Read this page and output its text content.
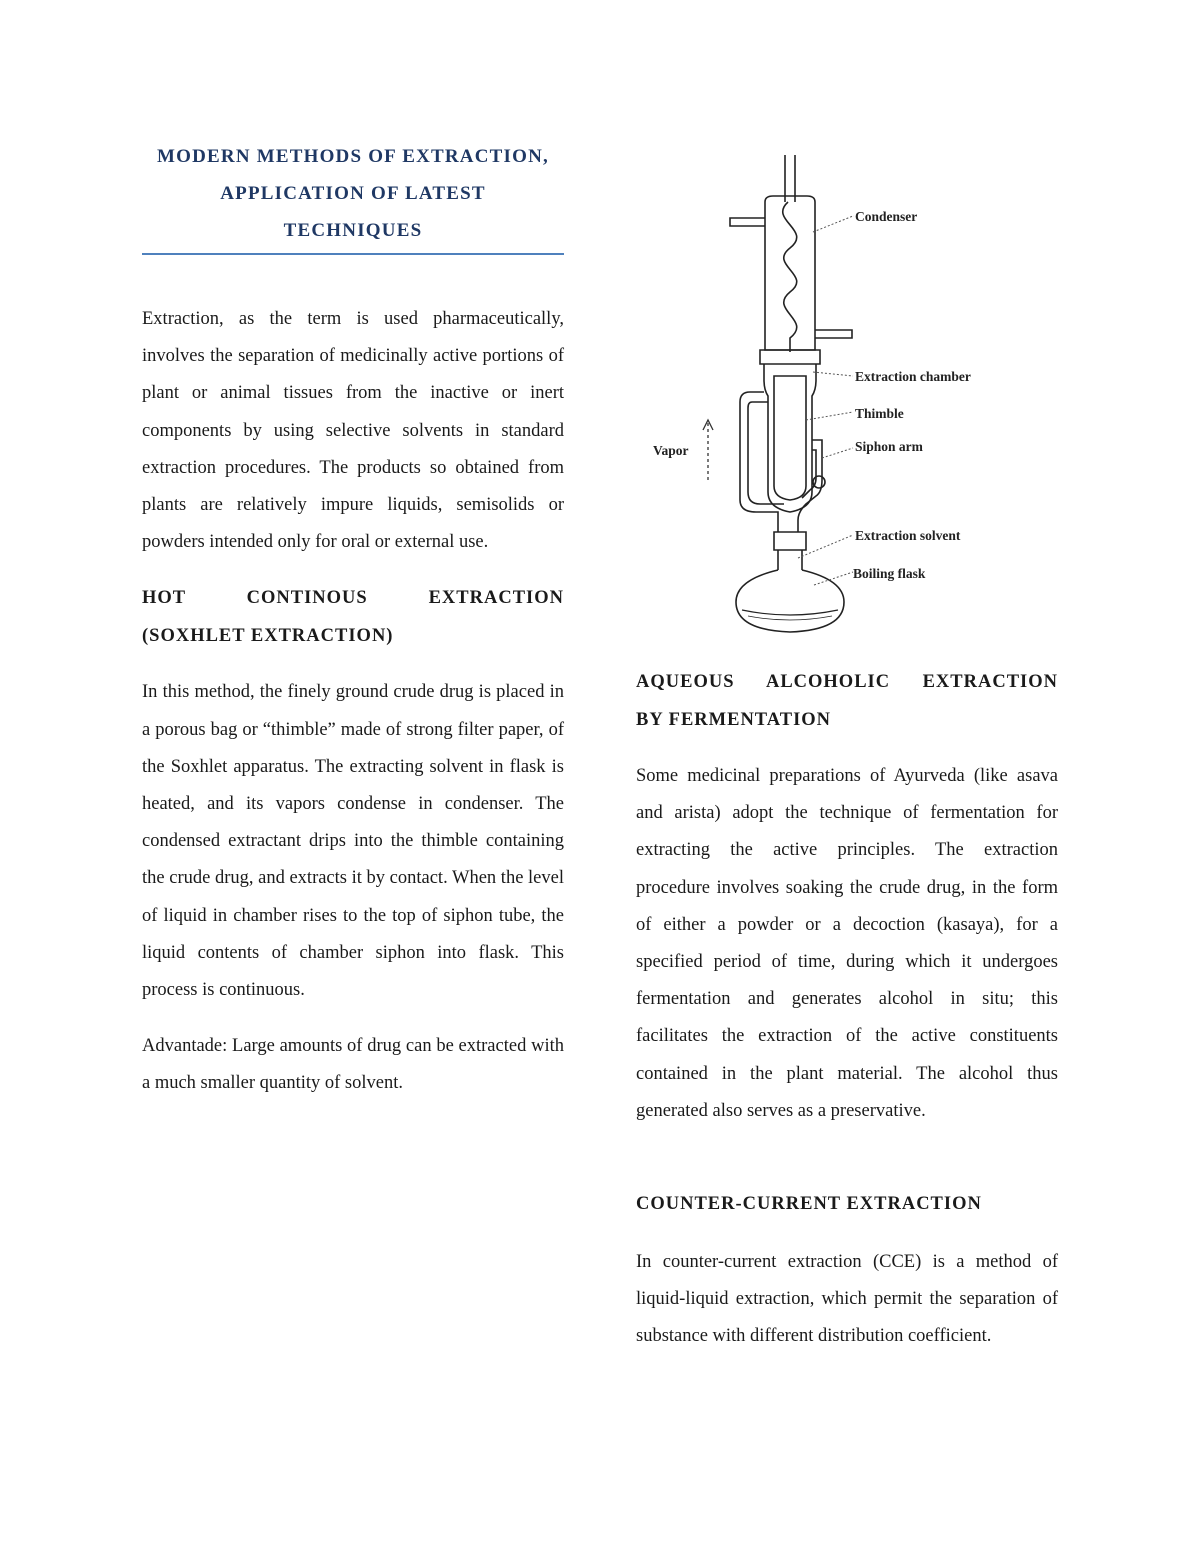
MODERN METHODS OF EXTRACTION,

APPLICATION OF LATEST

TECHNIQUES

Extraction, as the term is used pharmaceutically, involves the separation of medicinally active portions of plant or animal tissues from the inactive or inert components by using selective solvents in standard extraction procedures. The products so obtained from plants are relatively impure liquids, semisolids or powders intended only for oral or external use.

HOT CONTINOUS EXTRACTION
(SOXHLET EXTRACTION)

In this method, the finely ground crude drug is placed in a porous bag or “thimble” made of strong filter paper, of the Soxhlet apparatus. The extracting solvent in flask is heated, and its vapors condense in condenser. The condensed extractant drips into the thimble containing the crude drug, and extracts it by contact. When the level of liquid in chamber rises to the top of siphon tube, the liquid contents of chamber siphon into flask. This process is continuous.

Advantade: Large amounts of drug can be extracted with a much smaller quantity of solvent.

Condenser
Extraction chamber
Thimble
Siphon arm
Vapor
Extraction solvent
Boiling flask
AQUEOUS ALCOHOLIC EXTRACTION
BY FERMENTATION

Some medicinal preparations of Ayurveda (like asava and arista) adopt the technique of fermentation for extracting the active principles. The extraction procedure involves soaking the crude drug, in the form of either a powder or a decoction (kasaya), for a specified period of time, during which it undergoes fermentation and generates alcohol in situ; this facilitates the extraction of the active constituents contained in the plant material. The alcohol thus generated also serves as a preservative.

COUNTER-CURRENT EXTRACTION

In counter-current extraction (CCE) is a method of liquid-liquid extraction, which permit the separation of substance with different distribution coefficient.
